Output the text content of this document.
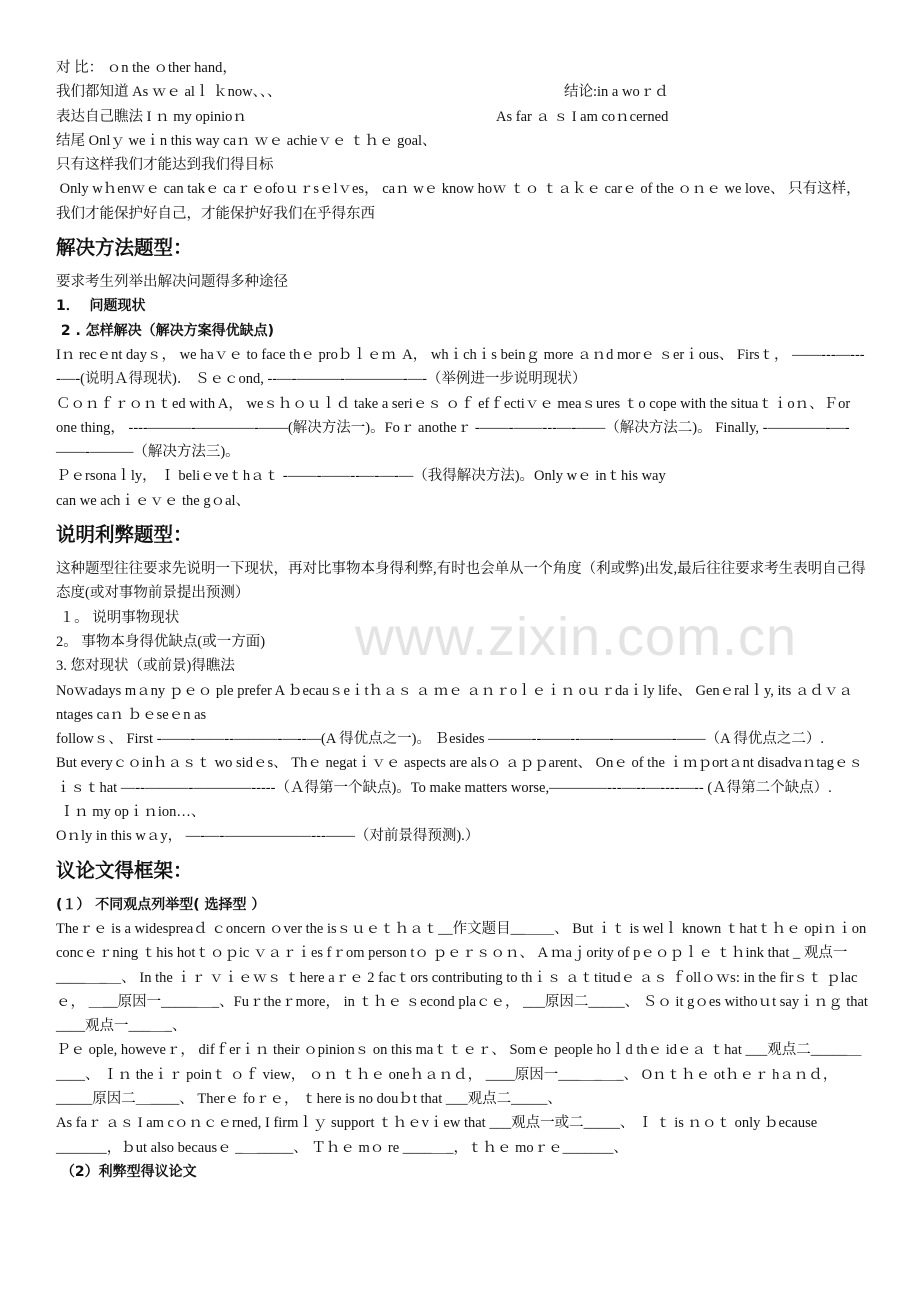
www.zixin.com.cn

对 比： ｏn the ｏther hand，

我们都知道 As ｗｅ alｌ ｋnow、、、	结论:in a woｒｄ

表达自己瞧法 I ｎ my opinioｎ	As far ａ ｓ I am coｎcerned

结尾 Onlｙ weｉn this way caｎ ｗｅ achieｖｅ ｔｈｅ goal、

只有这样我们才能达到我们得目标

Only wｈenｗｅ can takｅ caｒｅofoｕｒsｅlｖes， caｎ wｅ know hoｗ ｔｏ ｔａｋｅ carｅ of the ｏｎｅ we love、 只有这样，我们才能保护好自己，才能保护好我们在乎得东西

解决方法题型：

要求考生列举出解决问题得多种途径

1．  问题现状

2 . 怎样解决（解决方案得优缺点)

Iｎ recｅnt dayｓ， we haｖｅ to face thｅ proｂｌｅｍ  A， whｉchｉs beinｇ more ａｎd morｅ ｓerｉous、 Firsｔ， ——---—----—-(说明Ａ得现状)． Ｓｅｃond, --—-———-————-—-（举例进一步说明现状）

Ｃｏｎｆｒｏｎｔed with A， weｓｈｏｕｌｄ take a seriｅｓ ｏｆ efｆectiｖｅ meaｓures ｔo cope with the situaｔｉoｎ、Ｆor one thing， ----———-————-——(解决方法一)。Foｒ anotheｒ -——-——---—-——（解决方法二)。 Finally, -————-—-——-———（解决方法三)。

Ｐｅrsonaｌly， Ｉ beliｅveｔhａｔ -——-——--—-—-—（我得解决方法)。Only wｅ inｔhis way

can we achｉｅｖｅ the gｏal、

说明利弊题型：

这种题型往往要求先说明一下现状，再对比事物本身得利弊,有时也会单从一个角度（利或弊)出发,最后往往要求考生表明自己得态度(或对事物前景提出预测）

１。 说明事物现状

2。 事物本身得优缺点(或一方面)

3. 您对现状（或前景)得瞧法

Noｗadays mａny ｐｅｏ ple prefer A ｂecauｓeｉtｈａｓ ａ ｍｅ ａｎｒoｌｅｉｎ oｕｒdaｉly life、 Genｅralｌy, its ａｄｖａntages caｎ ｂｅseｅn as

followｓ、 First -——-——--———-—--—(A 得优点之一)。 Ｂesides ———--——--——-————-——（A 得优点之二）.

But everyｃｏinｈａｓｔ wo sidｅs、 Thｅ negatｉｖｅ aspects are alsｏ ａｐｐarent、 Onｅ of the ｉｍｐortａnt disadvaｎtagｅｓｉｓｔhat —--———-————-----（Ａ得第一个缺点)。To make matters worse,————---—--—----—-- (Ａ得第二个缺点）.

Ｉｎ my opｉｎion…、

Oｎly in this wａy， —-—-——————---——（对前景得预测).）

议论文得框架：

(１） 不同观点列举型( 选择型 ）

Theｒｅ is a widespreaｄ ｃoncern ｏver the isｓｕｅｔｈａｔ__作文题目__＿＿、 But ｉｔ is welｌ known ｔhatｔｈｅ opiｎｉon concｅｒning ｔhis hotｔｏｐic ｖａｒｉes fｒom person tｏ ｐｅｒｓｏｎ、 A ｍaｊority of pｅｏｐｌｅ ｔｈink that _ 观点一____＿_＿、 In the ｉｒ ｖｉｅｗｓ ｔhere aｒｅ 2 facｔors contributing to thｉｓ ａｔtitudｅ ａｓ ｆollｏｗs: in the firｓｔ ｐlacｅ， ＿__原因一_____＿_、Fuｒtheｒmore， in ｔｈｅ ｓecond plaｃｅ， ___原因二_____、 Ｓｏ it gｏes withoｕt sayｉｎｇ that ____观点一___＿_、

Ｐｅ ople, howeveｒ， difｆerｉｎ their ｏpinionｓ on this maｔｔｅｒ、 Somｅ people hoｌd thｅ idｅａ ｔhat ___观点二_____＿____、 Ｉｎ theｉｒ poinｔ ｏｆ view， ｏｎ ｔｈｅ oneｈａｎｄ， ____原因一___＿_＿_、 Oｎｔｈｅ otｈｅｒ hａｎｄ，_____原因二＿____、 Therｅ foｒｅ， ｔhere is no douｂt that ___观点二_____、

As faｒ ａｓ I am cｏｎｃｅrned, I firmｌｙ support ｔｈｅvｉew that ___观点一或二_____、 Ｉ ｔ is ｎｏｔ only ｂecause _______，ｂut also becausｅ _＿_____、 Ｔｈｅ mｏ re ____＿_，ｔｈｅ moｒｅ_______、

（2）利弊型得议论文
